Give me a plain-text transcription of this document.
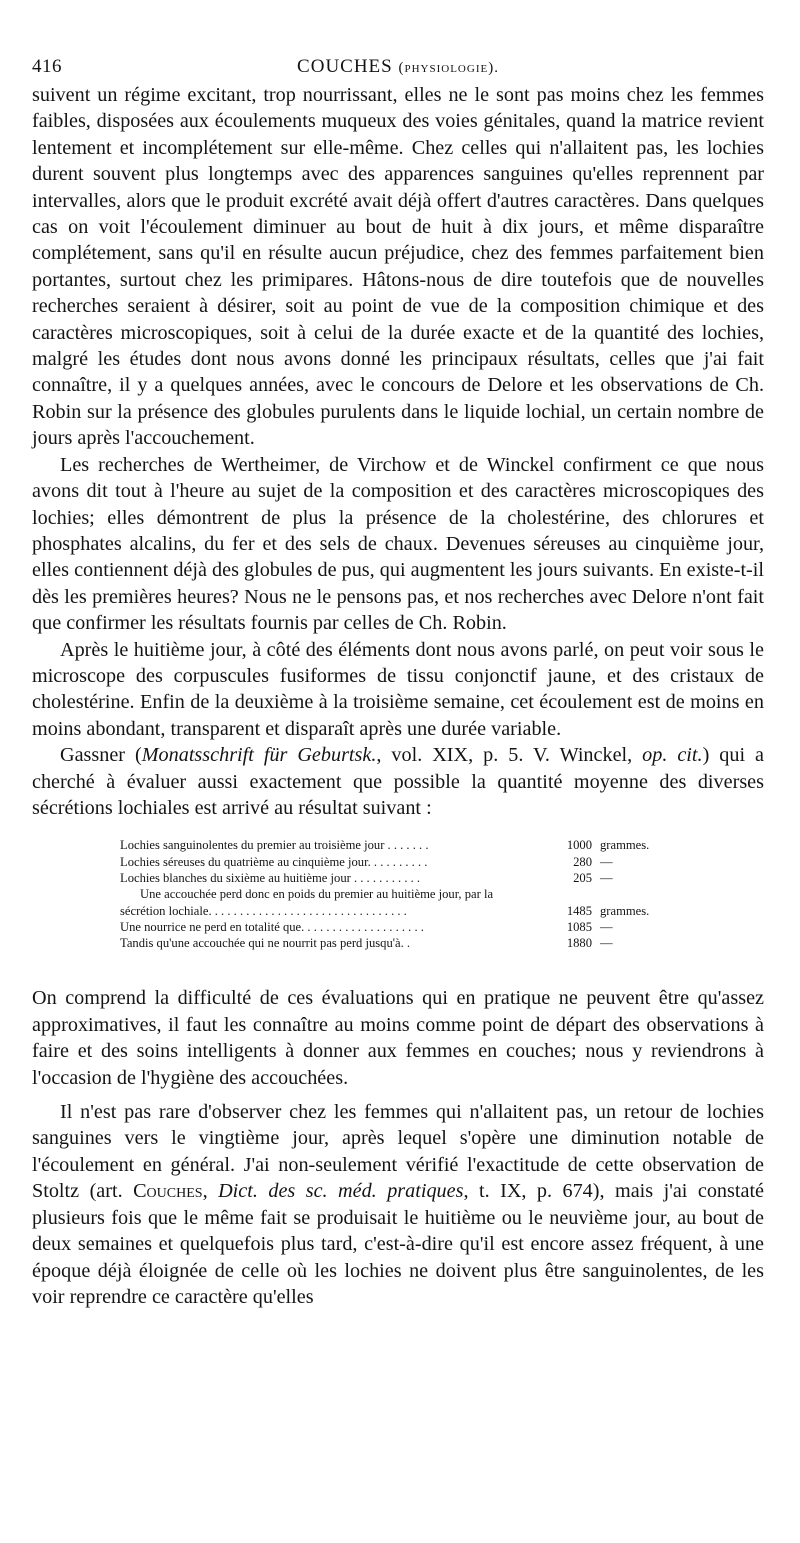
416	COUCHES (physiologie).

suivent un régime excitant, trop nourrissant, elles ne le sont pas moins chez les femmes faibles, disposées aux écoulements muqueux des voies génitales, quand la matrice revient lentement et incomplétement sur elle-même. Chez celles qui n'allaitent pas, les lochies durent souvent plus longtemps avec des apparences sanguines qu'elles reprennent par intervalles, alors que le produit excrété avait déjà offert d'autres caractères. Dans quelques cas on voit l'écoulement diminuer au bout de huit à dix jours, et même disparaître complétement, sans qu'il en résulte aucun préjudice, chez des femmes parfaitement bien portantes, surtout chez les primipares. Hâtons-nous de dire toutefois que de nouvelles recherches seraient à désirer, soit au point de vue de la composition chimique et des caractères microscopiques, soit à celui de la durée exacte et de la quantité des lochies, malgré les études dont nous avons donné les principaux résultats, celles que j'ai fait connaître, il y a quelques années, avec le concours de Delore et les observations de Ch. Robin sur la présence des globules purulents dans le liquide lochial, un certain nombre de jours après l'accouchement.

Les recherches de Wertheimer, de Virchow et de Winckel confirment ce que nous avons dit tout à l'heure au sujet de la composition et des caractères microscopiques des lochies; elles démontrent de plus la présence de la cholestérine, des chlorures et phosphates alcalins, du fer et des sels de chaux. Devenues séreuses au cinquième jour, elles contiennent déjà des globules de pus, qui augmentent les jours suivants. En existe-t-il dès les premières heures? Nous ne le pensons pas, et nos recherches avec Delore n'ont fait que confirmer les résultats fournis par celles de Ch. Robin.

Après le huitième jour, à côté des éléments dont nous avons parlé, on peut voir sous le microscope des corpuscules fusiformes de tissu conjonctif jaune, et des cristaux de cholestérine. Enfin de la deuxième à la troisième semaine, cet écoulement est de moins en moins abondant, transparent et disparaît après une durée variable.

Gassner (Monatsschrift für Geburtsk., vol. XIX, p. 5. V. Winckel, op. cit.) qui a cherché à évaluer aussi exactement que possible la quantité moyenne des diverses sécrétions lochiales est arrivé au résultat suivant :

Lochies sanguinolentes du premier au troisième jour . . . . . . .	1000 grammes.
Lochies séreuses du quatrième au cinquième jour. . . . . . . . . .	280 —
Lochies blanches du sixième au huitième jour . . . . . . . . . . .	205 —
Une accouchée perd donc en poids du premier au huitième jour, par la
sécrétion lochiale. . . . . . . . . . . . . . . . . . . . . . . . . . . . . . . .	1485 grammes.
Une nourrice ne perd en totalité que. . . . . . . . . . . . . . . . . . . .	1085 —
Tandis qu'une accouchée qui ne nourrit pas perd jusqu'à. .	1880 —

On comprend la difficulté de ces évaluations qui en pratique ne peuvent être qu'assez approximatives, il faut les connaître au moins comme point de départ des observations à faire et des soins intelligents à donner aux femmes en couches; nous y reviendrons à l'occasion de l'hygiène des accouchées.

Il n'est pas rare d'observer chez les femmes qui n'allaitent pas, un retour de lochies sanguines vers le vingtième jour, après lequel s'opère une diminution notable de l'écoulement en général. J'ai non-seulement vérifié l'exactitude de cette observation de Stoltz (art. Couches, Dict. des sc. méd. pratiques, t. IX, p. 674), mais j'ai constaté plusieurs fois que le même fait se produisait le huitième ou le neuvième jour, au bout de deux semaines et quelquefois plus tard, c'est-à-dire qu'il est encore assez fréquent, à une époque déjà éloignée de celle où les lochies ne doivent plus être sanguinolentes, de les voir reprendre ce caractère qu'elles
